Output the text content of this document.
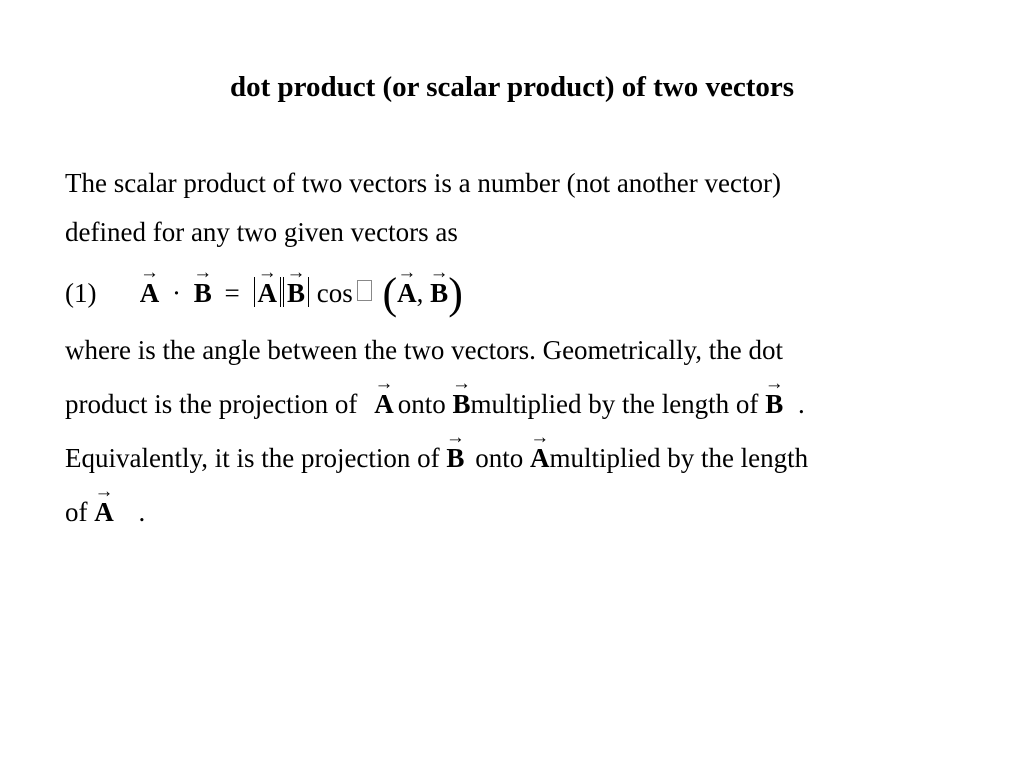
dot product (or scalar product) of two vectors
The scalar product of two vectors is a number (not another vector)
defined for any two given vectors as
(1)
→
A ·
→
B =
→
A
→
B cos ( →
A,
→
B)
where is the angle between the two vectors. Geometrically, the dot
product is the projection of
→
A onto
→
Bmultiplied by the length of
→
B .
Equivalently, it is the projection of
→
B onto
→
Amultiplied by the length
of
→
A .
